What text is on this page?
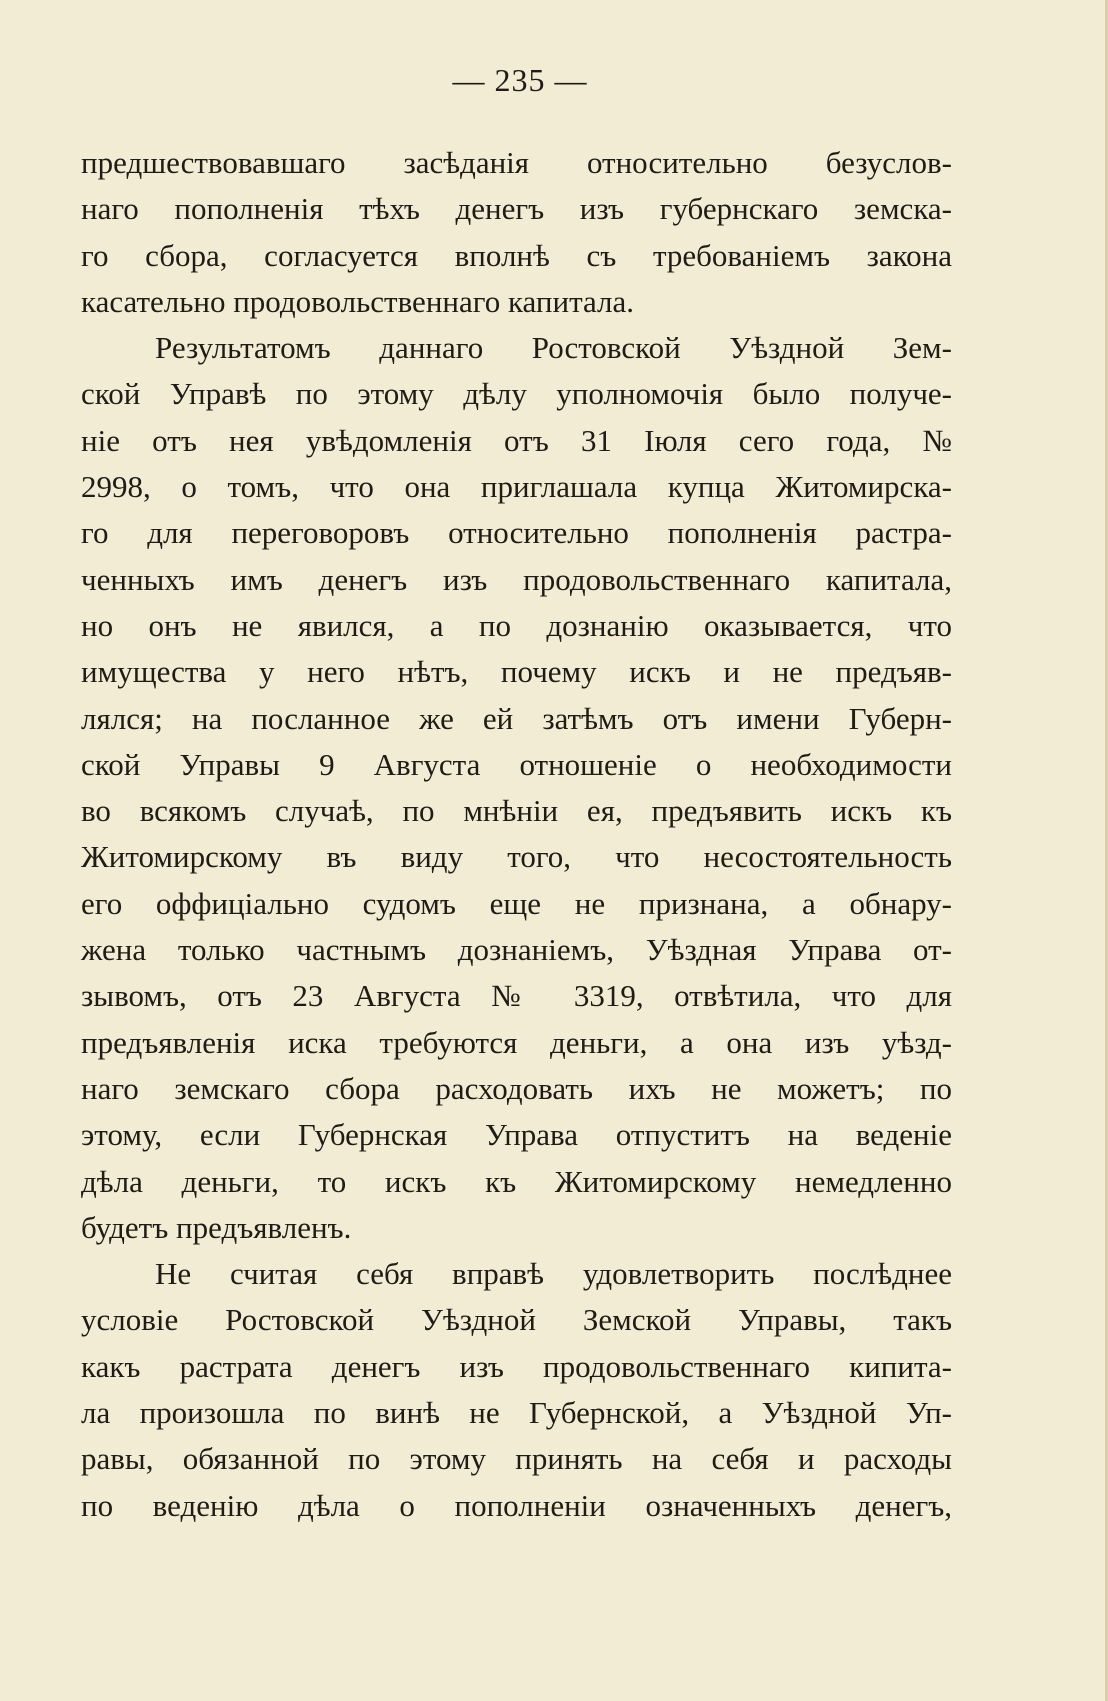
— 235 —
предшествовавшаго засѣданія относительно безуслов-
наго пополненія тѣхъ денегъ изъ губернскаго земска-
го сбора, согласуется вполнѣ съ требованіемъ закона
касательно продовольственнаго капитала.
Результатомъ даннаго Ростовской Уѣздной Зем-
ской Управѣ по этому дѣлу уполномочія было получе-
ніе отъ нея увѣдомленія отъ 31 Іюля сего года, №
2998, о томъ, что она приглашала купца Житомирска-
го для переговоровъ относительно пополненія растра-
ченныхъ имъ денегъ изъ продовольственнаго капитала,
но онъ не явился, а по дознанію оказывается, что
имущества у него нѣтъ, почему искъ и не предъяв-
лялся; на посланное же ей затѣмъ отъ имени Губерн-
ской Управы 9 Августа отношеніе о необходимости
во всякомъ случаѣ, по мнѣніи ея, предъявить искъ къ
Житомирскому въ виду того, что несостоятельность
его оффиціально судомъ еще не признана, а обнару-
жена только частнымъ дознаніемъ, Уѣздная Управа от-
зывомъ, отъ 23 Августа № 3319, отвѣтила, что для
предъявленія иска требуются деньги, а она изъ уѣзд-
наго земскаго сбора расходовать ихъ не можетъ; по
этому, если Губернская Управа отпуститъ на веденіе
дѣла деньги, то искъ къ Житомирскому немедленно
будетъ предъявленъ.
Не считая себя вправѣ удовлетворить послѣднее
условіе Ростовской Уѣздной Земской Управы, такъ
какъ растрата денегъ изъ продовольственнаго кипита-
ла произошла по винѣ не Губернской, а Уѣздной Уп-
равы, обязанной по этому принять на себя и расходы
по веденію дѣла о пополненіи означенныхъ денегъ,
